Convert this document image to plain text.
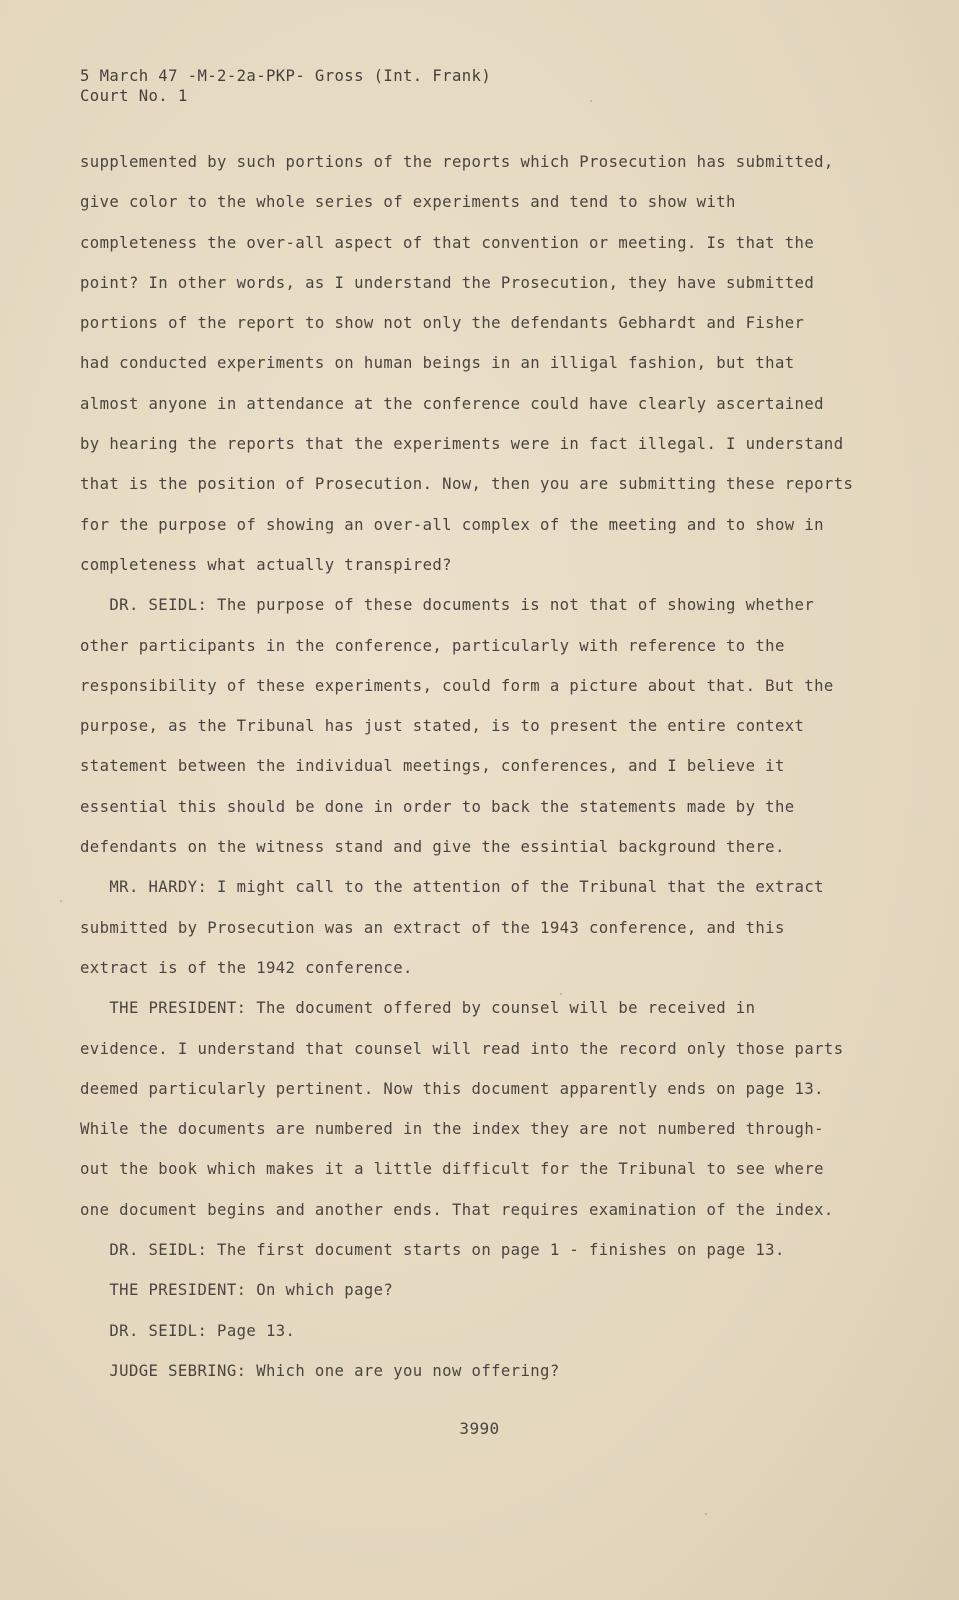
5 March 47 -M-2-2a-PKP- Gross (Int. Frank)
Court No. 1
supplemented by such portions of the reports which Prosecution has submitted,
give color to the whole series of experiments and tend to show with
completeness the over-all aspect of that convention or meeting. Is that the
point? In other words, as I understand the Prosecution, they have submitted
portions of the report to show not only the defendants Gebhardt and Fisher
had conducted experiments on human beings in an illigal fashion, but that
almost anyone in attendance at the conference could have clearly ascertained
by hearing the reports that the experiments were in fact illegal. I understand
that is the position of Prosecution. Now, then you are submitting these reports
for the purpose of showing an over-all complex of the meeting and to show in
completeness what actually transpired?
DR. SEIDL: The purpose of these documents is not that of showing whether
other participants in the conference, particularly with reference to the
responsibility of these experiments, could form a picture about that. But the
purpose, as the Tribunal has just stated, is to present the entire context
statement between the individual meetings, conferences, and I believe it
essential this should be done in order to back the statements made by the
defendants on the witness stand and give the essintial background there.
MR. HARDY: I might call to the attention of the Tribunal that the extract
submitted by Prosecution was an extract of the 1943 conference, and this
extract is of the 1942 conference.
THE PRESIDENT: The document offered by counsel will be received in
evidence. I understand that counsel will read into the record only those parts
deemed particularly pertinent. Now this document apparently ends on page 13.
While the documents are numbered in the index they are not numbered through-
out the book which makes it a little difficult for the Tribunal to see where
one document begins and another ends. That requires examination of the index.
DR. SEIDL: The first document starts on page 1 - finishes on page 13.
THE PRESIDENT: On which page?
DR. SEIDL: Page 13.
JUDGE SEBRING: Which one are you now offering?
3990
